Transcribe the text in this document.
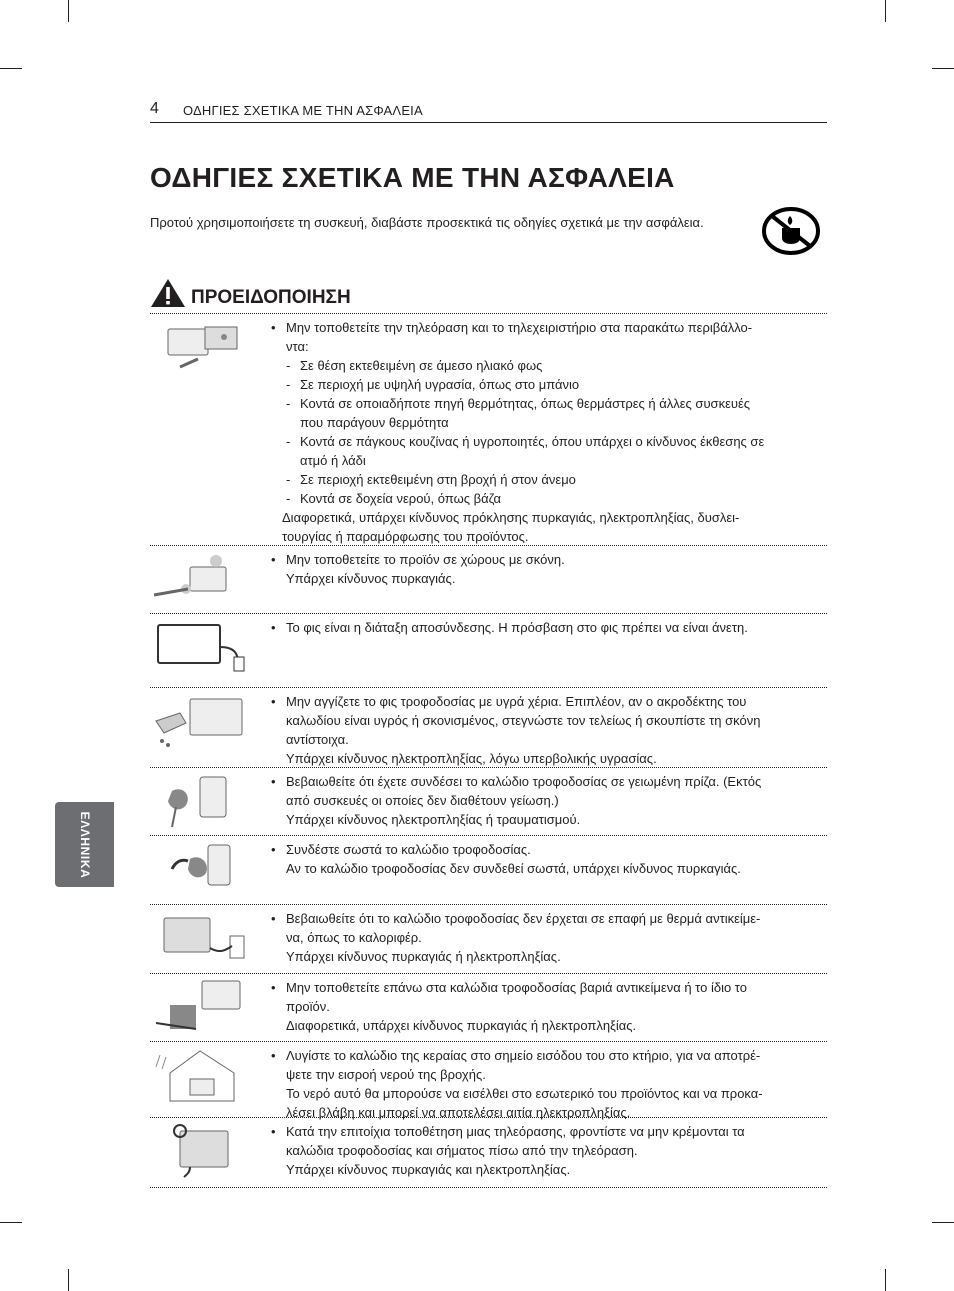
4 ΟΔΗΓΙΕΣ ΣΧΕΤΙΚΑ ΜΕ ΤΗΝ ΑΣΦΑΛΕΙΑ
ΟΔΗΓΙΕΣ ΣΧΕΤΙΚΑ ΜΕ ΤΗΝ ΑΣΦΑΛΕΙΑ
Προτού χρησιμοποιήσετε τη συσκευή, διαβάστε προσεκτικά τις οδηγίες σχετικά με την ασφάλεια.
ΠΡΟΕΙΔΟΠΟΙΗΣΗ
• Μην τοποθετείτε την τηλεόραση και το τηλεχειριστήριο στα παρακάτω περιβάλλο-
ντα:
- Σε θέση εκτεθειμένη σε άμεσο ηλιακό φως
- Σε περιοχή με υψηλή υγρασία, όπως στο μπάνιο
- Κοντά σε οποιαδήποτε πηγή θερμότητας, όπως θερμάστρες ή άλλες συσκευές
που παράγουν θερμότητα
- Κοντά σε πάγκους κουζίνας ή υγροποιητές, όπου υπάρχει ο κίνδυνος έκθεσης σε
ατμό ή λάδι
- Σε περιοχή εκτεθειμένη στη βροχή ή στον άνεμο
- Κοντά σε δοχεία νερού, όπως βάζα
Διαφορετικά, υπάρχει κίνδυνος πρόκλησης πυρκαγιάς, ηλεκτροπληξίας, δυσλει-
τουργίας ή παραμόρφωσης του προϊόντος.
• Μην τοποθετείτε το προϊόν σε χώρους με σκόνη.
Υπάρχει κίνδυνος πυρκαγιάς.
• Το φις είναι η διάταξη αποσύνδεσης. Η πρόσβαση στο φις πρέπει να είναι άνετη.
• Μην αγγίζετε το φις τροφοδοσίας με υγρά χέρια. Επιπλέον, αν ο ακροδέκτης του
καλωδίου είναι υγρός ή σκονισμένος, στεγνώστε τον τελείως ή σκουπίστε τη σκόνη
αντίστοιχα.
Υπάρχει κίνδυνος ηλεκτροπληξίας, λόγω υπερβολικής υγρασίας.
• Βεβαιωθείτε ότι έχετε συνδέσει το καλώδιο τροφοδοσίας σε γειωμένη πρίζα. (Εκτός
από συσκευές οι οποίες δεν διαθέτουν γείωση.)
Υπάρχει κίνδυνος ηλεκτροπληξίας ή τραυματισμού.
• Συνδέστε σωστά το καλώδιο τροφοδοσίας.
Αν το καλώδιο τροφοδοσίας δεν συνδεθεί σωστά, υπάρχει κίνδυνος πυρκαγιάς.
• Βεβαιωθείτε ότι το καλώδιο τροφοδοσίας δεν έρχεται σε επαφή με θερμά αντικείμε-
να, όπως το καλοριφέρ.
Υπάρχει κίνδυνος πυρκαγιάς ή ηλεκτροπληξίας.
• Μην τοποθετείτε επάνω στα καλώδια τροφοδοσίας βαριά αντικείμενα ή το ίδιο το
προϊόν.
Διαφορετικά, υπάρχει κίνδυνος πυρκαγιάς ή ηλεκτροπληξίας.
• Λυγίστε το καλώδιο της κεραίας στο σημείο εισόδου του στο κτήριο, για να αποτρέ-
ψετε την εισροή νερού της βροχής.
Το νερό αυτό θα μπορούσε να εισέλθει στο εσωτερικό του προϊόντος και να προκα-
λέσει βλάβη και μπορεί να αποτελέσει αιτία ηλεκτροπληξίας.
• Κατά την επιτοίχια τοποθέτηση μιας τηλεόρασης, φροντίστε να μην κρέμονται τα
καλώδια τροφοδοσίας και σήματος πίσω από την τηλεόραση.
Υπάρχει κίνδυνος πυρκαγιάς και ηλεκτροπληξίας.
ΕΛΛΗΝΙΚΑ
